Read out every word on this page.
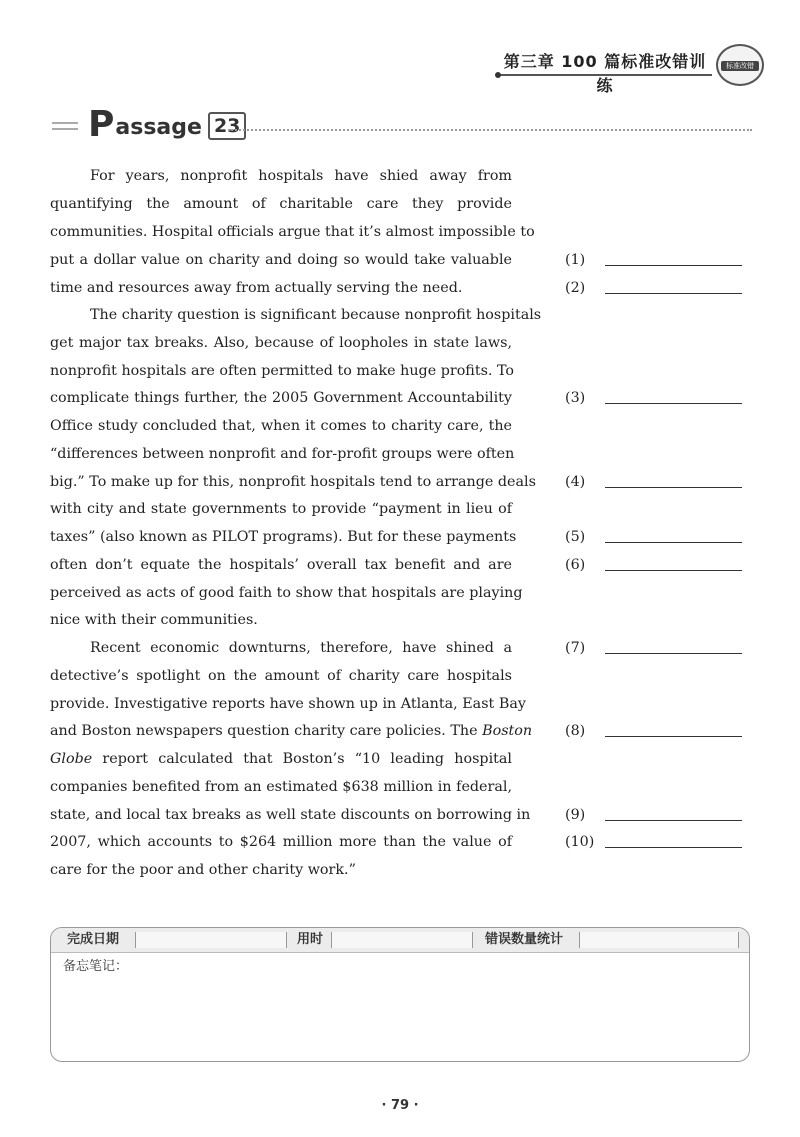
第三章 100 篇标准改错训练
标准改错
P assage 23
For years, nonprofit hospitals have shied away from
quantifying the amount of charitable care they provide
communities. Hospital officials argue that it’s almost impossible to
put a dollar value on charity and doing so would take valuable
time and resources away from actually serving the need.
The charity question is significant because nonprofit hospitals
get major tax breaks. Also, because of loopholes in state laws,
nonprofit hospitals are often permitted to make huge profits. To
complicate things further, the 2005 Government Accountability
Office study concluded that, when it comes to charity care, the
“differences between nonprofit and for-profit groups were often
big.” To make up for this, nonprofit hospitals tend to arrange deals
with city and state governments to provide “payment in lieu of
taxes” (also known as PILOT programs). But for these payments
often don’t equate the hospitals’ overall tax benefit and are
perceived as acts of good faith to show that hospitals are playing
nice with their communities.
Recent economic downturns, therefore, have shined a
detective’s spotlight on the amount of charity care hospitals
provide. Investigative reports have shown up in Atlanta, East Bay
and Boston newspapers question charity care policies. The Boston
Globe report calculated that Boston’s “10 leading hospital
companies benefited from an estimated $638 million in federal,
state, and local tax breaks as well state discounts on borrowing in
2007, which accounts to $264 million more than the value of
care for the poor and other charity work.”
(1)
(2)
(3)
(4)
(5)
(6)
(7)
(8)
(9)
(10)
完成日期	用时	错误数量统计
备忘笔记：
· 79 ·
